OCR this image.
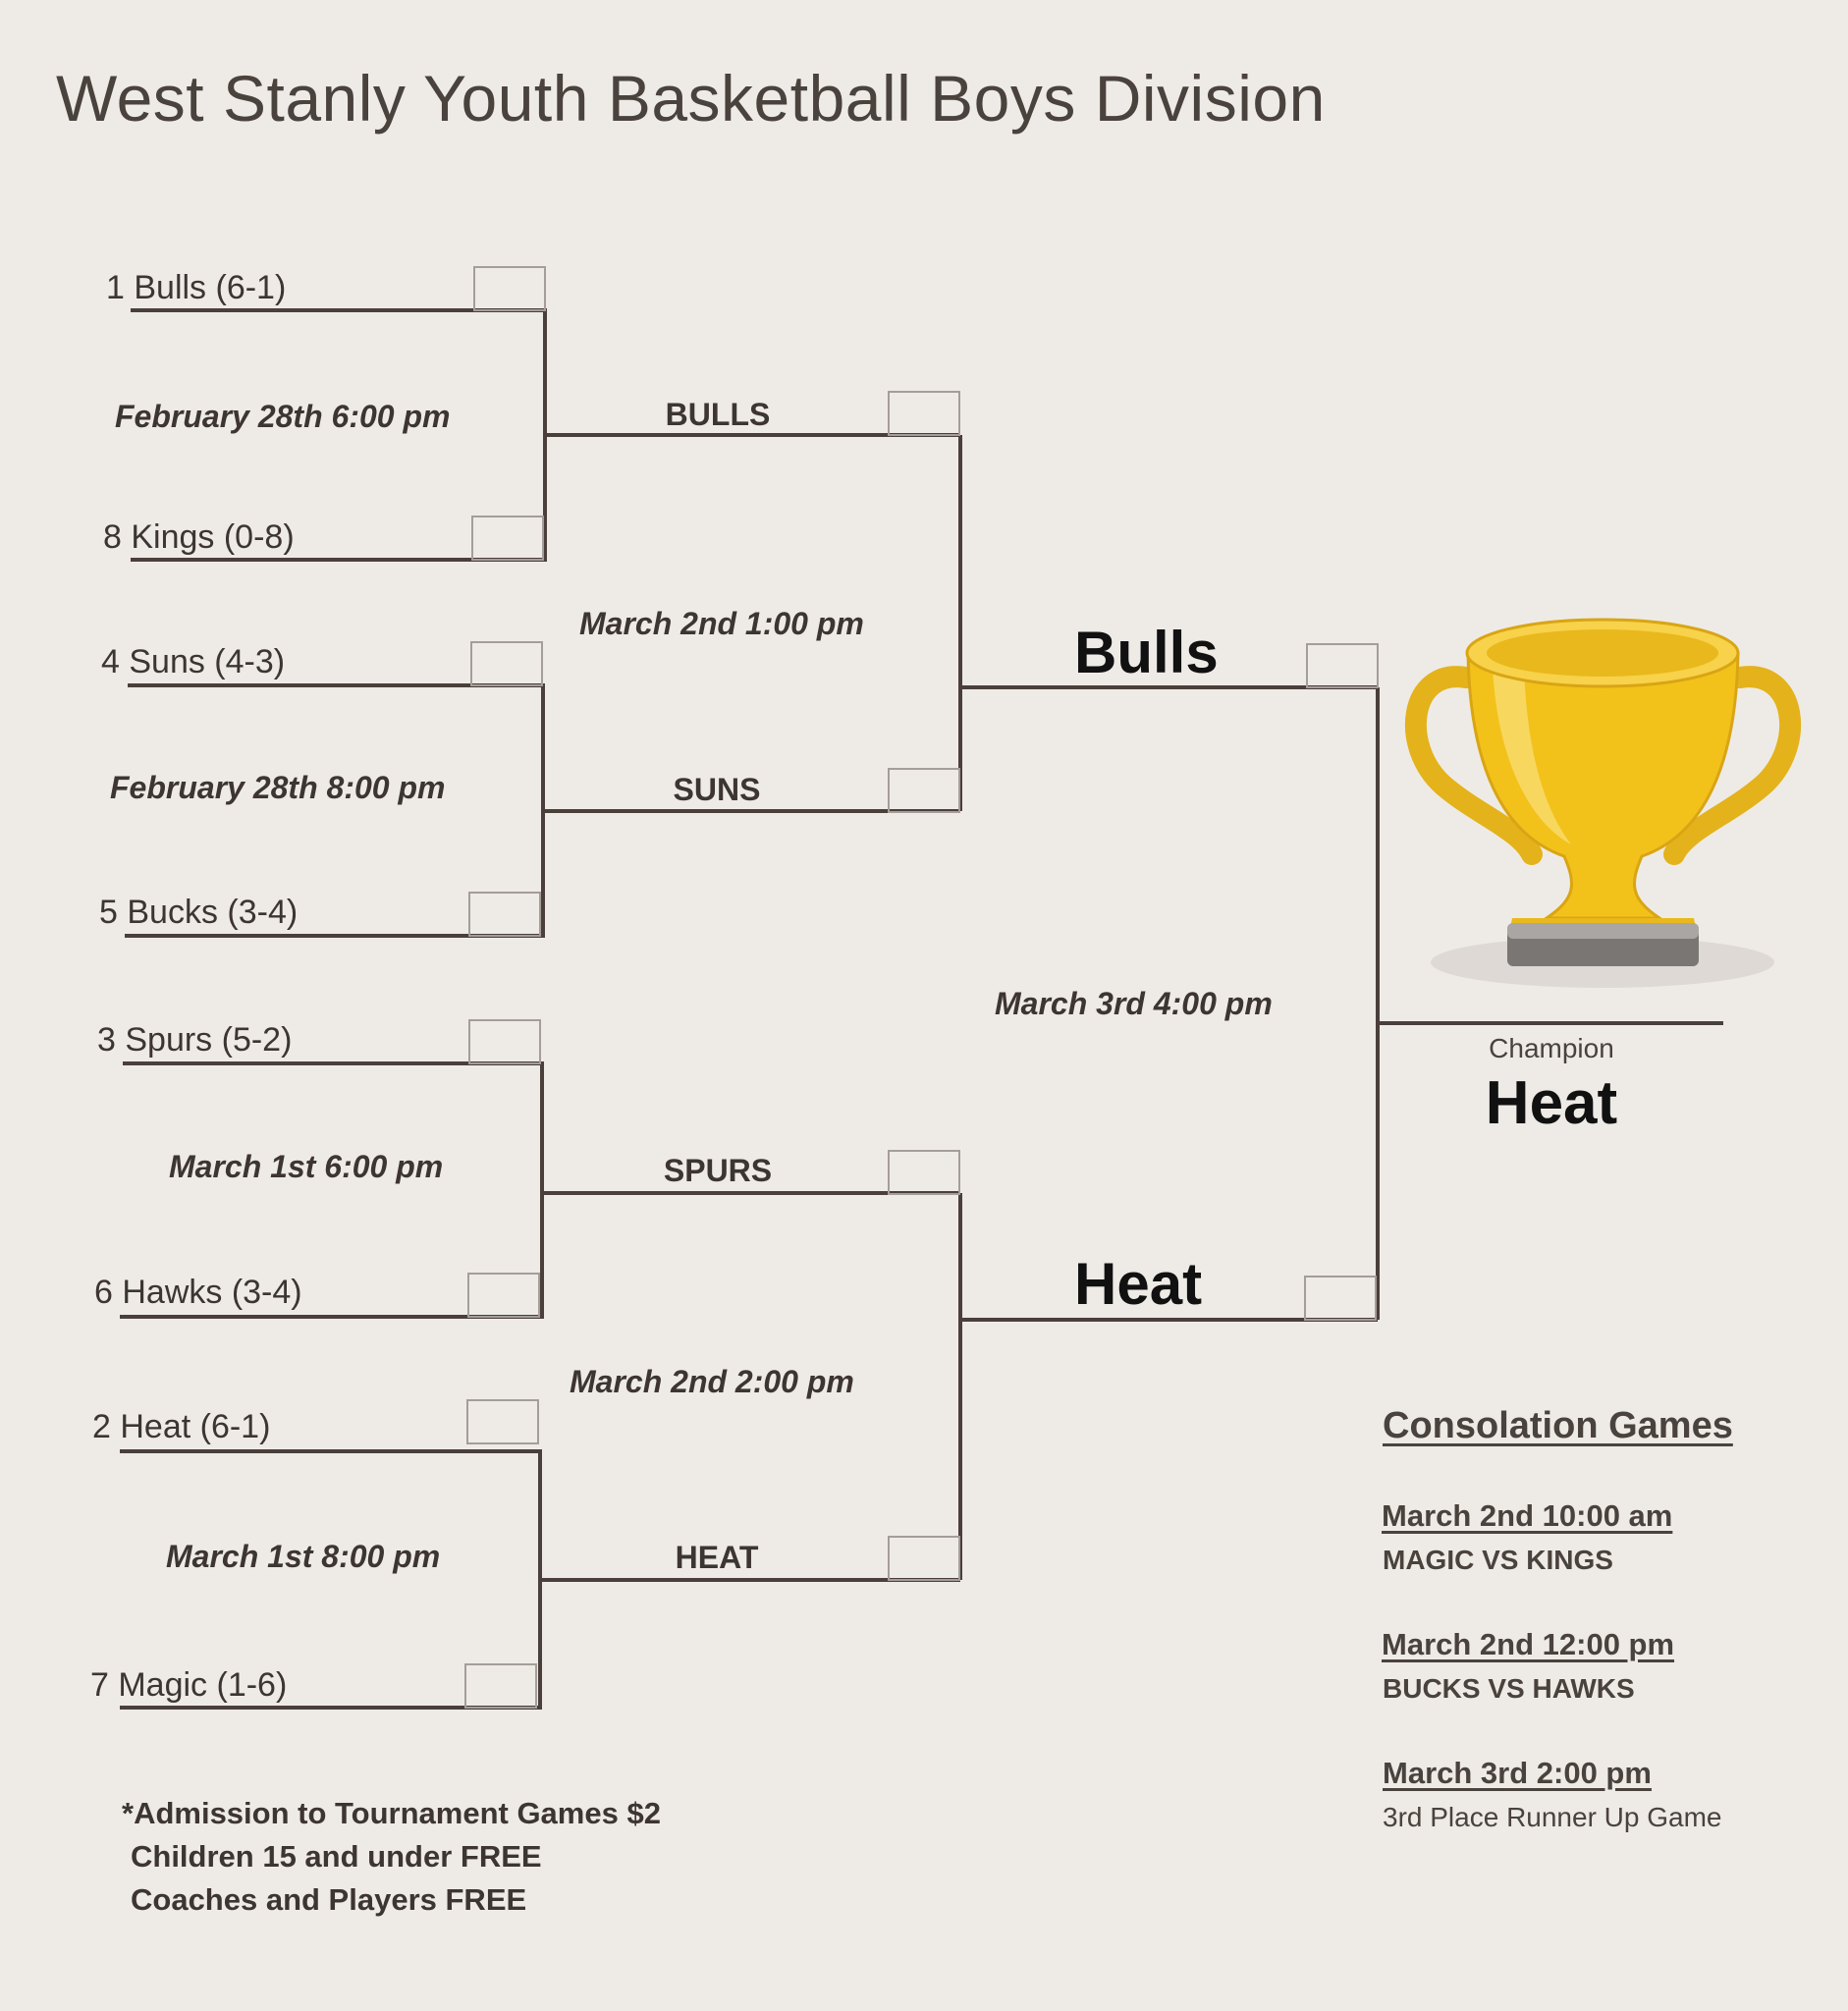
West Stanly Youth Basketball Boys Division
1 Bulls (6-1)
8 Kings (0-8)
4 Suns (4-3)
5 Bucks (3-4)
3 Spurs (5-2)
6 Hawks (3-4)
2 Heat (6-1)
7 Magic (1-6)
February 28th 6:00 pm
February 28th 8:00 pm
March 1st 6:00 pm
March 1st 8:00 pm
BULLS
SUNS
SPURS
HEAT
March 2nd 1:00 pm
March 2nd 2:00 pm
Bulls
Heat
March 3rd 4:00 pm
Champion
Heat
Consolation Games
March 2nd 10:00 am
MAGIC VS KINGS
March 2nd 12:00 pm
BUCKS VS HAWKS
March 3rd 2:00 pm
3rd Place Runner Up Game
*Admission to Tournament Games $2
Children 15 and under FREE
Coaches and Players FREE
